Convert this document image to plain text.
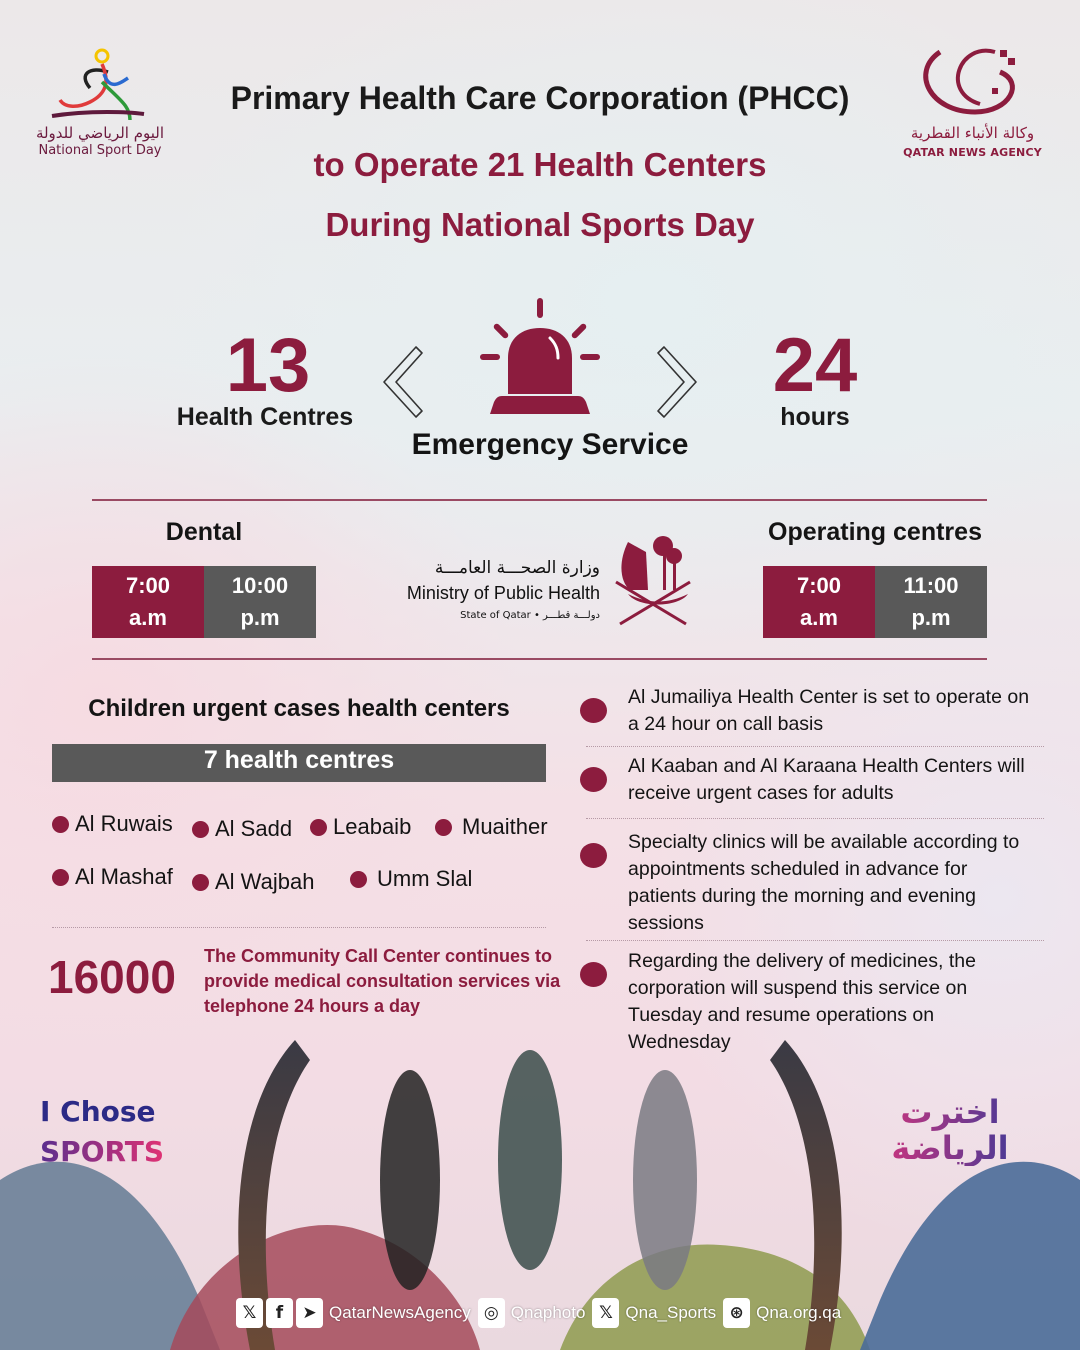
اليوم الرياضي للدولة
National Sport Day
وكالة الأنباء القطرية
QATAR NEWS AGENCY
Primary Health Care Corporation (PHCC)
to Operate 21 Health Centers
During National Sports Day
13
Health Centres
Emergency Service
24
hours
Dental
7:00
a.m
10:00
p.m
وزارة الصحـــة العامـــة
Ministry of Public Health
State of Qatar • دولـــة قطـــر
Operating centres
7:00
a.m
11:00
p.m
Children urgent cases health centers
7 health centres
Al Ruwais Al Sadd Leabaib Muaither
Al Mashaf Al Wajbah	Umm Slal
16000 The Community Call Center continues to provide medical consultation services via telephone 24 hours a day
Al Jumailiya Health Center is set to operate on a 24 hour on call basis
Al Kaaban and Al Karaana Health Centers will receive urgent cases for adults
Specialty clinics will be available according to appointments scheduled in advance for patients during the morning and evening sessions
Regarding the delivery of medicines, the corporation will suspend this service on Tuesday and resume operations on Wednesday
I Chose
SPORTS
اخترت
الرياضة
𝕏	f	➤ QatarNewsAgency ◎ Qnaphoto 𝕏 Qna_Sports ⊛ Qna.org.qa
